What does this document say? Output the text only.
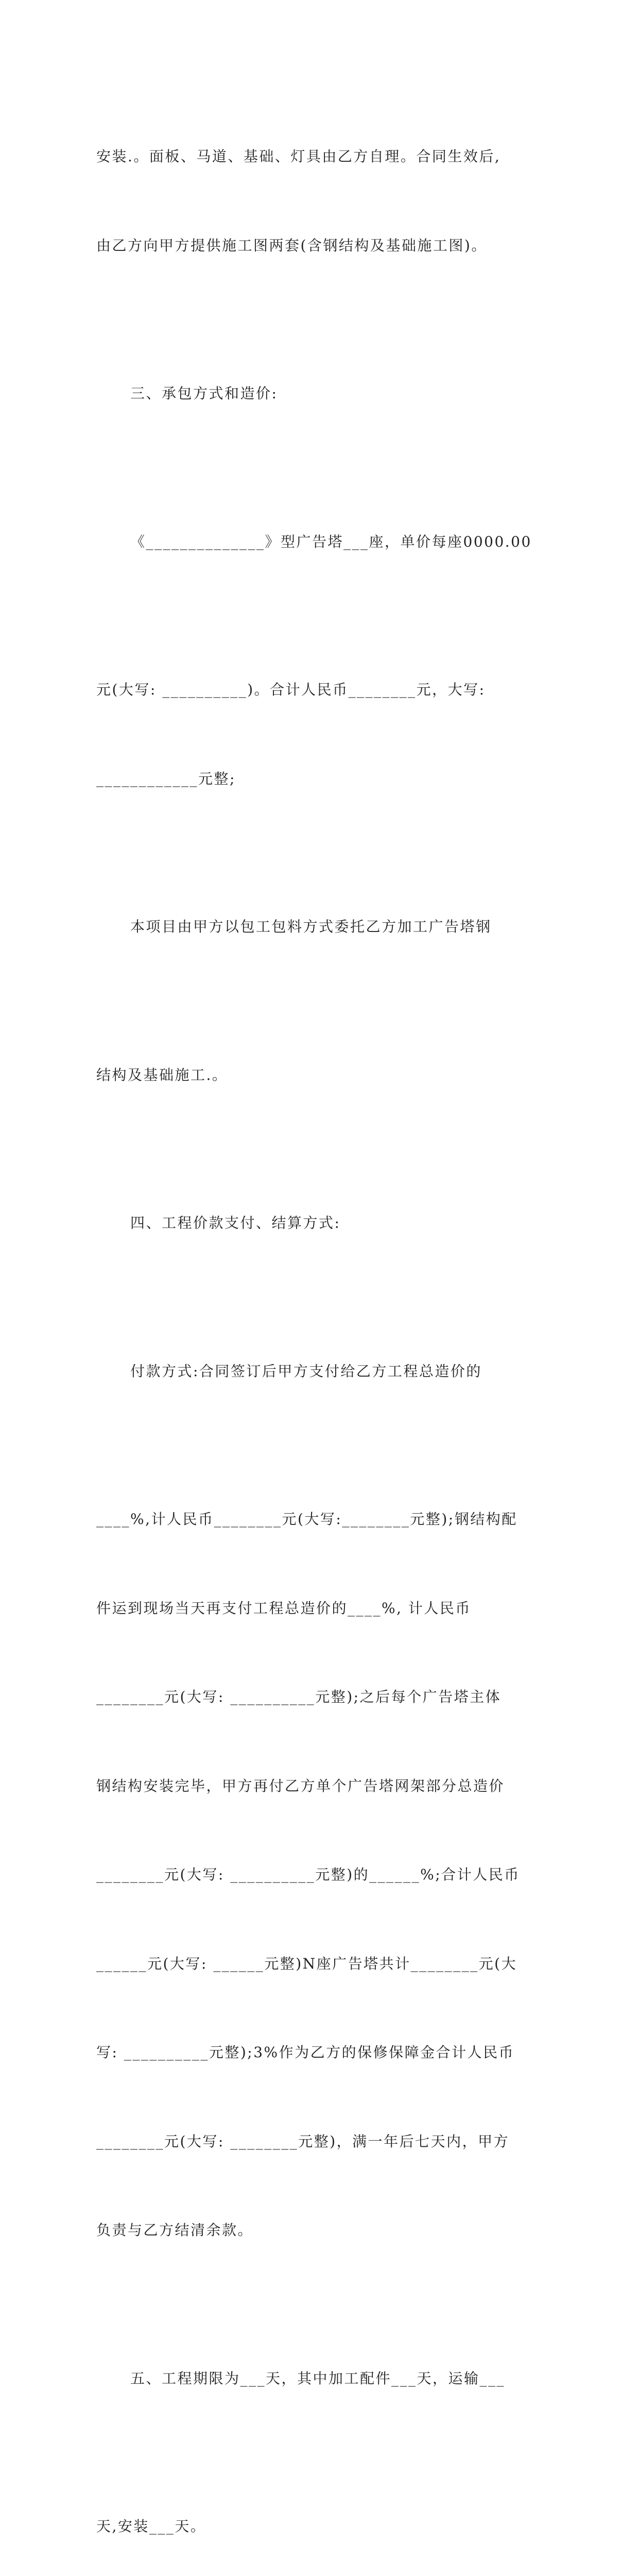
安装.。面板、马道、基础、灯具由乙方自理。合同生效后,

由乙方向甲方提供施工图两套(含钢结构及基础施工图)。

三、承包方式和造价:

《______________》型广告塔___座，单价每座0000.00

元(大写: __________)。合计人民币________元，大写:

____________元整;

本项目由甲方以包工包料方式委托乙方加工广告塔钢

结构及基础施工.。

四、工程价款支付、结算方式:

付款方式:合同签订后甲方支付给乙方工程总造价的

____%,计人民币________元(大写:________元整);钢结构配

件运到现场当天再支付工程总造价的____%, 计人民币

________元(大写: __________元整);之后每个广告塔主体

钢结构安装完毕，甲方再付乙方单个广告塔网架部分总造价

________元(大写: __________元整)的______%;合计人民币

______元(大写: ______元整)N座广告塔共计________元(大

写: __________元整);3%作为乙方的保修保障金合计人民币

________元(大写: ________元整)，满一年后七天内，甲方

负责与乙方结清余款。

五、工程期限为___天，其中加工配件___天，运输___

天,安装___天。
